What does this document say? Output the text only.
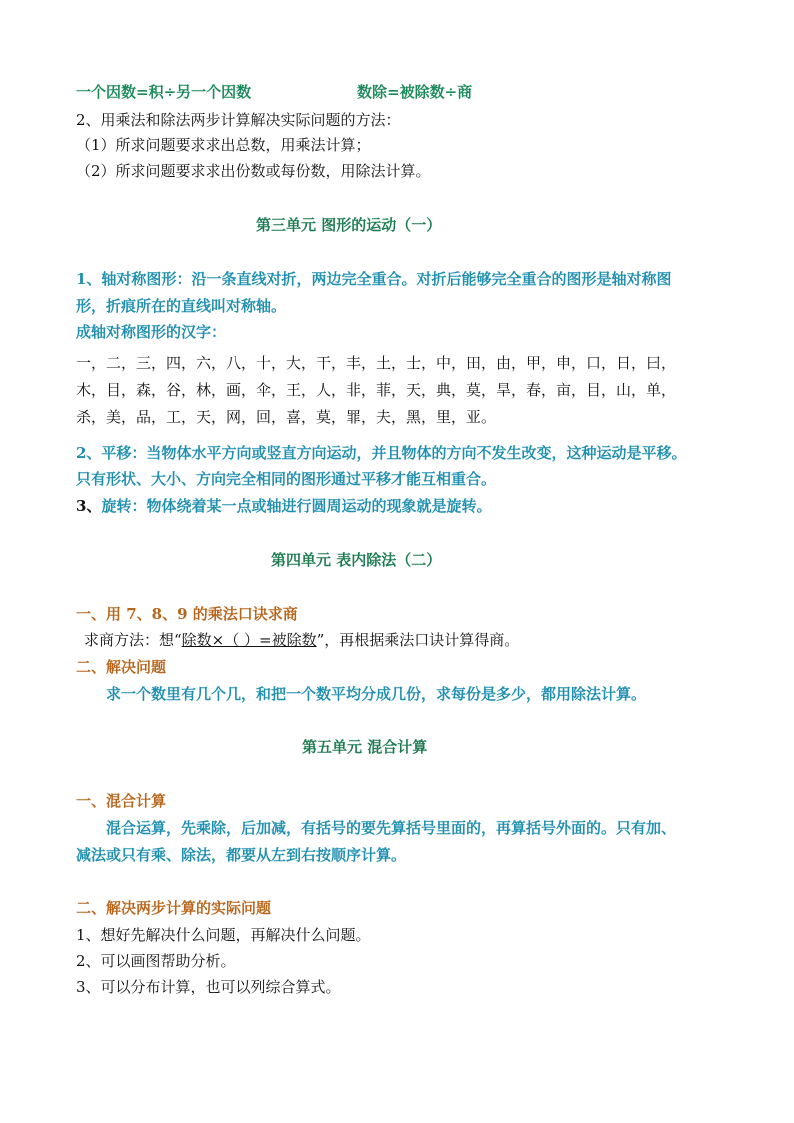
一个因数=积÷另一个因数	数除=被除数÷商
2、用乘法和除法两步计算解决实际问题的方法：
（1）所求问题要求求出总数，用乘法计算；
（2）所求问题要求求出份数或每份数，用除法计算。
第三单元 图形的运动（一）
1、轴对称图形：沿一条直线对折，两边完全重合。对折后能够完全重合的图形是轴对称图
形，折痕所在的直线叫对称轴。
成轴对称图形的汉字：
一，二，三，四，六，八，十，大，干，丰，土，士，中，田，由，甲，申，口，日，曰，
木，目，森，谷，林，画，伞，王，人，非，菲，天，典，莫，旱，春，亩，目，山，单，
杀，美，品，工，天，网，回，喜，莫，罪，夫，黑，里，亚。
2、平移：当物体水平方向或竖直方向运动，并且物体的方向不发生改变，这种运动是平移。
只有形状、大小、方向完全相同的图形通过平移才能互相重合。
3、旋转：物体绕着某一点或轴进行圆周运动的现象就是旋转。
第四单元 表内除法（二）
一、用 7、8、9 的乘法口诀求商
求商方法：想“除数×（ ）=被除数”，再根据乘法口诀计算得商。
二、解决问题
求一个数里有几个几，和把一个数平均分成几份，求每份是多少，都用除法计算。
第五单元 混合计算
一、混合计算
混合运算，先乘除，后加减，有括号的要先算括号里面的，再算括号外面的。只有加、
减法或只有乘、除法，都要从左到右按顺序计算。
二、解决两步计算的实际问题
1、想好先解决什么问题，再解决什么问题。
2、可以画图帮助分析。
3、可以分布计算，也可以列综合算式。
